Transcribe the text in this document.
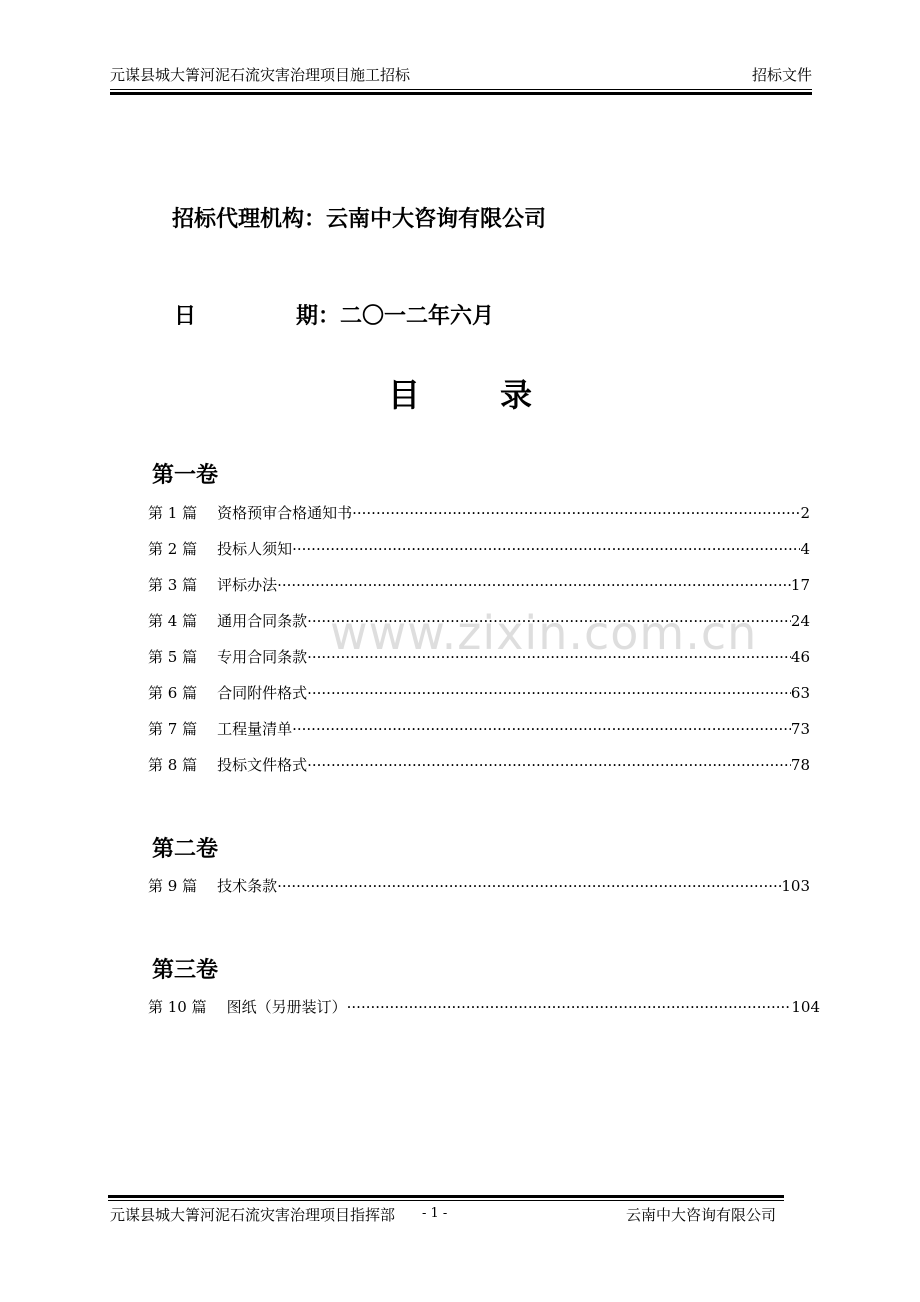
元谋县城大箐河泥石流灾害治理项目施工招标	招标文件
招标代理机构：云南中大咨询有限公司
日	期：二〇一二年六月
目	录
第一卷
第 1 篇 资格预审合格通知书 ·····	2
第 2 篇 投标人须知 ·····	4
第 3 篇 评标办法 ·····	17
第 4 篇 通用合同条款 ·····	24
第 5 篇 专用合同条款 ·····	46
第 6 篇 合同附件格式 ·····	63
第 7 篇 工程量清单 ·····	73
第 8 篇 投标文件格式 ·····	78
第二卷
第 9 篇 技术条款 ·····	103
第三卷
第 10 篇 图纸（另册装订） ·····	104
www.zixin.com.cn
元谋县城大箐河泥石流灾害治理项目指挥部 - 1 -	云南中大咨询有限公司
